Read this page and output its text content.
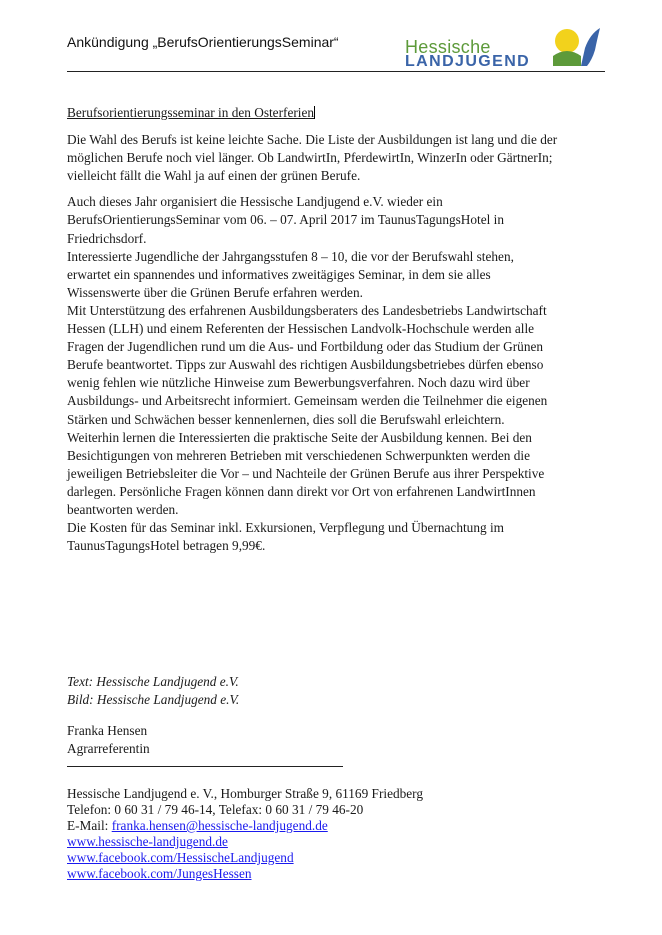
Ankündigung „BerufsOrientierungsSeminar“	Hessische
LANDJUGEND
Berufsorientierungsseminar in den Osterferien
Die Wahl des Berufs ist keine leichte Sache. Die Liste der Ausbildungen ist lang und die der
möglichen Berufe noch viel länger. Ob LandwirtIn, PferdewirtIn, WinzerIn oder GärtnerIn;
vielleicht fällt die Wahl ja auf einen der grünen Berufe.
Auch dieses Jahr organisiert die Hessische Landjugend e.V. wieder ein
BerufsOrientierungsSeminar vom 06. – 07. April 2017 im TaunusTagungsHotel in
Friedrichsdorf.
Interessierte Jugendliche der Jahrgangsstufen 8 – 10, die vor der Berufswahl stehen,
erwartet ein spannendes und informatives zweitägiges Seminar, in dem sie alles
Wissenswerte über die Grünen Berufe erfahren werden.
Mit Unterstützung des erfahrenen Ausbildungsberaters des Landesbetriebs Landwirtschaft
Hessen (LLH) und einem Referenten der Hessischen Landvolk-Hochschule werden alle
Fragen der Jugendlichen rund um die Aus- und Fortbildung oder das Studium der Grünen
Berufe beantwortet. Tipps zur Auswahl des richtigen Ausbildungsbetriebes dürfen ebenso
wenig fehlen wie nützliche Hinweise zum Bewerbungsverfahren. Noch dazu wird über
Ausbildungs- und Arbeitsrecht informiert. Gemeinsam werden die Teilnehmer die eigenen
Stärken und Schwächen besser kennenlernen, dies soll die Berufswahl erleichtern.
Weiterhin lernen die Interessierten die praktische Seite der Ausbildung kennen. Bei den
Besichtigungen von mehreren Betrieben mit verschiedenen Schwerpunkten werden die
jeweiligen Betriebsleiter die Vor – und Nachteile der Grünen Berufe aus ihrer Perspektive
darlegen. Persönliche Fragen können dann direkt vor Ort von erfahrenen LandwirtInnen
beantworten werden.
Die Kosten für das Seminar inkl. Exkursionen, Verpflegung und Übernachtung im
TaunusTagungsHotel betragen 9,99€.
Text: Hessische Landjugend e.V.
Bild: Hessische Landjugend e.V.
Franka Hensen
Agrarreferentin
Hessische Landjugend e. V., Homburger Straße 9, 61169 Friedberg
Telefon: 0 60 31 / 79 46-14, Telefax: 0 60 31 / 79 46-20
E-Mail: franka.hensen@hessische-landjugend.de
www.hessische-landjugend.de
www.facebook.com/HessischeLandjugend
www.facebook.com/JungesHessen
